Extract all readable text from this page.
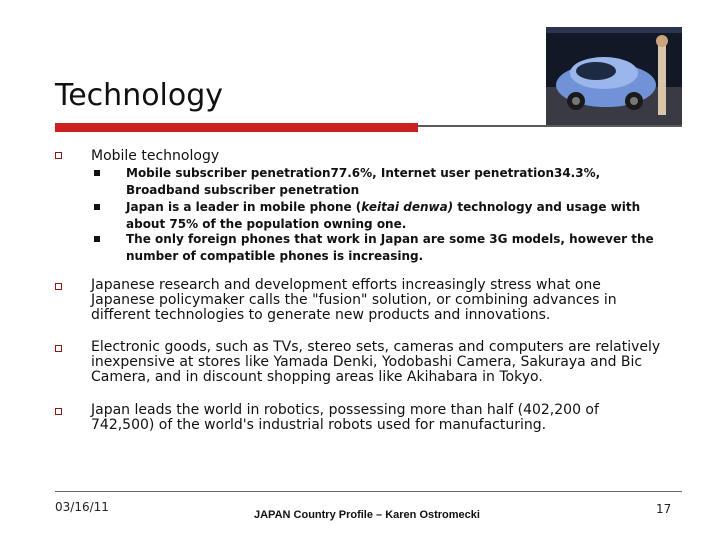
Technology
Mobile technology
Mobile subscriber penetration77.6%, Internet user penetration34.3%,
Broadband subscriber penetration
Japan is a leader in mobile phone (keitai denwa) technology and usage with
about 75% of the population owning one.
The only foreign phones that work in Japan are some 3G models, however the
number of compatible phones is increasing.
Japanese research and development efforts increasingly stress what one
Japanese policymaker calls the "fusion" solution, or combining advances in
different technologies to generate new products and innovations.
Electronic goods, such as TVs, stereo sets, cameras and computers are relatively
inexpensive at stores like Yamada Denki, Yodobashi Camera, Sakuraya and Bic
Camera, and in discount shopping areas like Akihabara in Tokyo.
Japan leads the world in robotics, possessing more than half (402,200 of
742,500) of the world's industrial robots used for manufacturing.
03/16/11
JAPAN Country Profile – Karen Ostromecki	17
